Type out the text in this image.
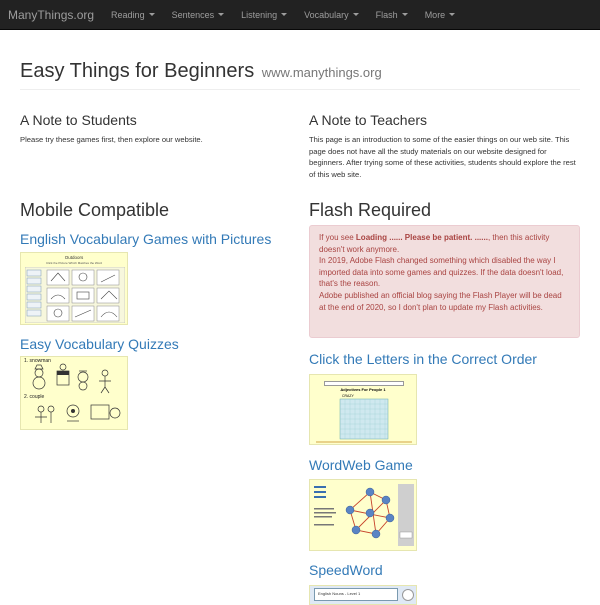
ManyThings.org Reading	Sentences	Listening	Vocabulary	Flash	More
Easy Things for Beginners www.manythings.org
A Note to Students

Please try these games first, then explore our website.

Mobile Compatible
English Vocabulary Games with Pictures
Outdoors
Click the Picture Which Matches the Word
Easy Vocabulary Quizzes
1. snowman
2. couple
A Note to Teachers

This page is an introduction to some of the easier things on our web site. This page does not have all the study materials on our website designed for beginners. After trying some of these activities, students should explore the rest of this web site.

Flash Required
If you see Loading ...... Please be patient. ......, then this activity doesn't work anymore.
In 2019, Adobe Flash changed something which disabled the way I imported data into some games and quizzes. If the data doesn't load, that's the reason.
Adobe published an official blog saying the Flash Player will be dead at the end of 2020, so I don't plan to update my Flash activities.
Click the Letters in the Correct Order
Adjectives For People 1
CRAZY
WordWeb Game
SpeedWord
English Nouns - Level 1
